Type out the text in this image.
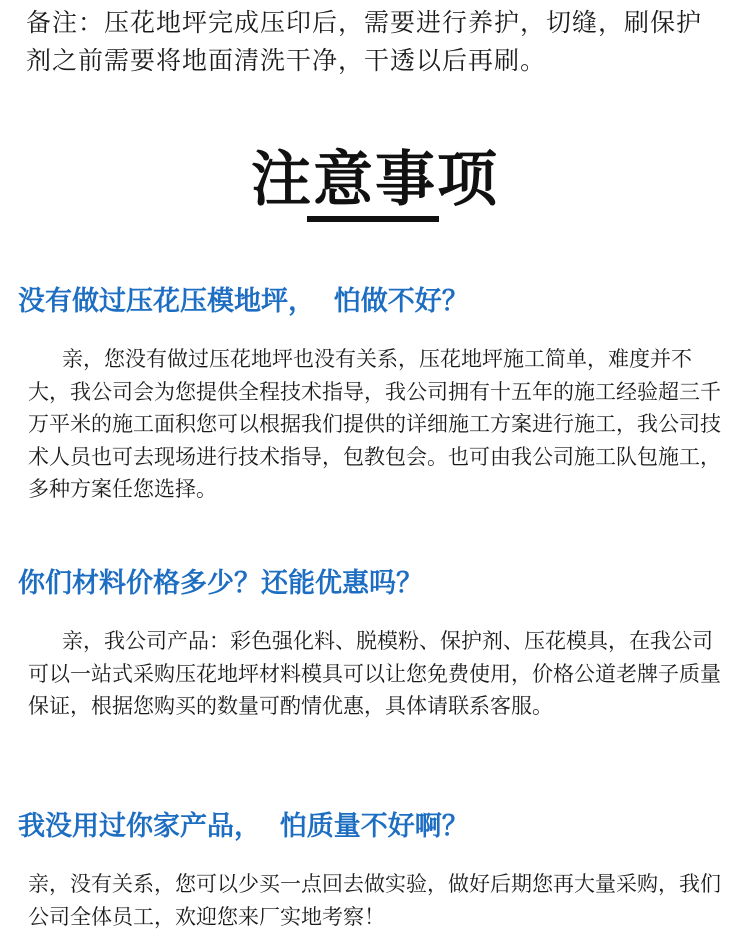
备注：压花地坪完成压印后，需要进行养护，切缝，刷保护剂之前需要将地面清洗干净，干透以后再刷。
注意事项
没有做过压花压模地坪，  怕做不好？
亲，您没有做过压花地坪也没有关系，压花地坪施工简单，难度并不大，我公司会为您提供全程技术指导，我公司拥有十五年的施工经验超三千万平米的施工面积您可以根据我们提供的详细施工方案进行施工，我公司技术人员也可去现场进行技术指导，包教包会。也可由我公司施工队包施工，多种方案任您选择。
你们材料价格多少？还能优惠吗？
亲，我公司产品：彩色强化料、脱模粉、保护剂、压花模具，在我公司可以一站式采购压花地坪材料模具可以让您免费使用，价格公道老牌子质量保证，根据您购买的数量可酌情优惠，具体请联系客服。
我没用过你家产品，  怕质量不好啊？
亲，没有关系，您可以少买一点回去做实验，做好后期您再大量采购，我们公司全体员工，欢迎您来厂实地考察！
